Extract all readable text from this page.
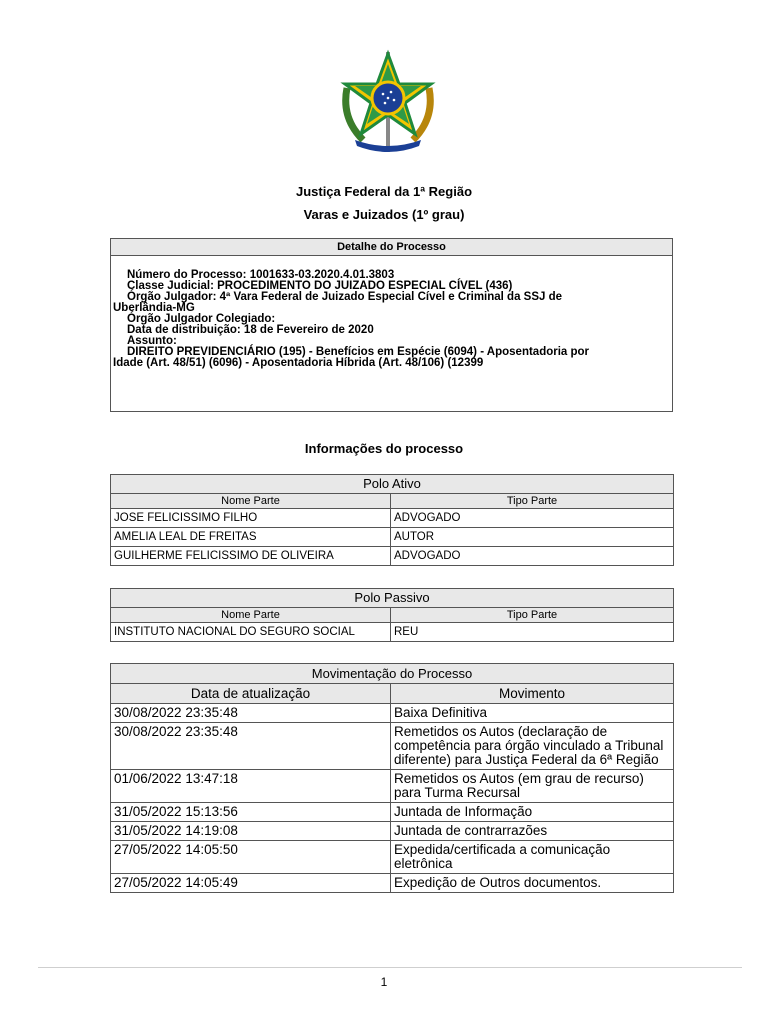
Justiça Federal da 1ª Região
Varas e Juizados (1º grau)
Detalhe do Processo
Número do Processo: 1001633-03.2020.4.01.3803
Classe Judicial: PROCEDIMENTO DO JUIZADO ESPECIAL CÍVEL (436)
Órgão Julgador: 4ª Vara Federal de Juizado Especial Cível e Criminal da SSJ de
Uberlândia-MG
Órgão Julgador Colegiado:
Data de distribuição: 18 de Fevereiro de 2020
Assunto:
DIREITO PREVIDENCIÁRIO (195) - Benefícios em Espécie (6094) - Aposentadoria por
Idade (Art. 48/51) (6096) - Aposentadoria Híbrida (Art. 48/106) (12399
Informações do processo
Polo Ativo	
Nome Parte	Tipo Parte
JOSE FELICISSIMO FILHO	ADVOGADO
AMELIA LEAL DE FREITAS	AUTOR
GUILHERME FELICISSIMO DE OLIVEIRA	ADVOGADO
Polo Passivo	
Nome Parte	Tipo Parte
INSTITUTO NACIONAL DO SEGURO SOCIAL	REU
Movimentação do Processo	
Data de atualização	Movimento
30/08/2022 23:35:48	Baixa Definitiva
30/08/2022 23:35:48	Remetidos os Autos (declaração de competência para órgão vinculado a Tribunal diferente) para Justiça Federal da 6ª Região
01/06/2022 13:47:18	Remetidos os Autos (em grau de recurso) para Turma Recursal
31/05/2022 15:13:56	Juntada de Informação
31/05/2022 14:19:08	Juntada de contrarrazões
27/05/2022 14:05:50	Expedida/certificada a comunicação eletrônica
27/05/2022 14:05:49	Expedição de Outros documentos.
1
